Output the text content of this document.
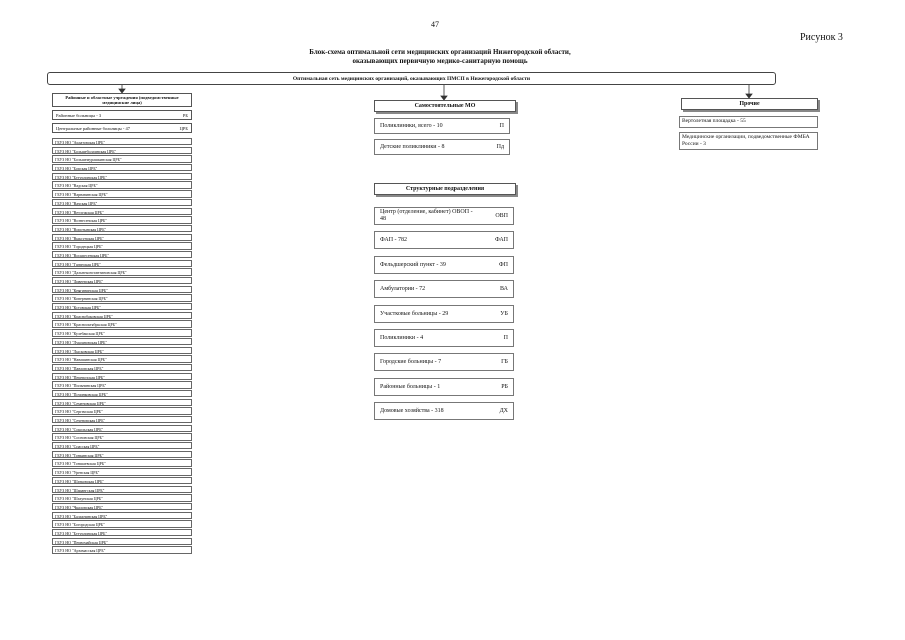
47
Рисунок 3
Блок-схема оптимальной сети медицинских организаций Нижегородской области,
оказывающих первичную медико-санитарную помощь
Оптимальная сеть медицинских организаций, оказывающих ПМСП в Нижегородской области
Районные и областные учреждения (подведомственные медицинские лица)
Районные больницы - 3	РБ
Центральные районные больницы - 47	ЦРБ
ГБУЗ НО "Ардатовская ЦРБ"
ГБУЗ НО "Большеболдинская ЦРБ"
ГБУЗ НО "Большемурашкинская ЦРБ"
ГБУЗ НО "Борская ЦРБ"
ГБУЗ НО "Бутурлинская ЦРБ"
ГБУЗ НО "Вадская ЦРБ"
ГБУЗ НО "Варнавинская ЦРБ"
ГБУЗ НО "Вачская ЦРБ"
ГБУЗ НО "Ветлужская ЦРБ"
ГБУЗ НО "Вознесенская ЦРБ"
ГБУЗ НО "Воротынская ЦРБ"
ГБУЗ НО "Выксунская ЦРБ"
ГБУЗ НО "Городецкая ЦРБ"
ГБУЗ НО "Воскресенская ЦРБ"
ГБУЗ НО "Гагинская ЦРБ"
ГБУЗ НО "Дальнеконстантиновская ЦРБ"
ГБУЗ НО "Дивеевская ЦРБ"
ГБУЗ НО "Княгининская ЦРБ"
ГБУЗ НО "Ковернинская ЦРБ"
ГБУЗ НО "Кстовская ЦРБ"
ГБУЗ НО "Краснобаковская ЦРБ"
ГБУЗ НО "Краснооктябрьская ЦРБ"
ГБУЗ НО "Кулебакская ЦРБ"
ГБУЗ НО "Лукояновская ЦРБ"
ГБУЗ НО "Лысковская ЦРБ"
ГБУЗ НО "Навашинская ЦРБ"
ГБУЗ НО "Павловская ЦРБ"
ГБУЗ НО "Перевозская ЦРБ"
ГБУЗ НО "Пильнинская ЦРБ"
ГБУЗ НО "Починковская ЦРБ"
ГБУЗ НО "Семеновская ЦРБ"
ГБУЗ НО "Сергачская ЦРБ"
ГБУЗ НО "Сеченовская ЦРБ"
ГБУЗ НО "Сокольская ЦРБ"
ГБУЗ НО "Сосновская ЦРБ"
ГБУЗ НО "Спасская ЦРБ"
ГБУЗ НО "Тонкинская ЦРБ"
ГБУЗ НО "Тоншаевская ЦРБ"
ГБУЗ НО "Уренская ЦРБ"
ГБУЗ НО "Шатковская ЦРБ"
ГБУЗ НО "Шарангская ЦРБ"
ГБУЗ НО "Шахунская ЦРБ"
ГБУЗ НО "Чкаловская ЦРБ"
ГБУЗ НО "Балахнинская ЦРБ"
ГБУЗ НО "Богородская ЦРБ"
ГБУЗ НО "Бутурлинская ЦРБ"
ГБУЗ НО "Первомайская ЦРБ"
ГБУЗ НО "Арзамасская ЦРБ"
Самостоятельные МО
Поликлиники, всего - 10	П
Детские поликлиники - 8	Пд
Структурные подразделения
Центр (отделение, кабинет) ОВОП - 48	ОВП
ФАП - 782	ФАП
Фельдшерский пункт - 39	ФП
Амбулатории - 72	ВА
Участковые больницы - 29	УБ
Поликлиники - 4	П
Городские больницы - 7	ГБ
Районные больницы - 1	РБ
Домовые хозяйства - 318	ДХ
Прочие
Вертолетная площадка - 55
Медицинские организации, подведомственные ФМБА России - 3
